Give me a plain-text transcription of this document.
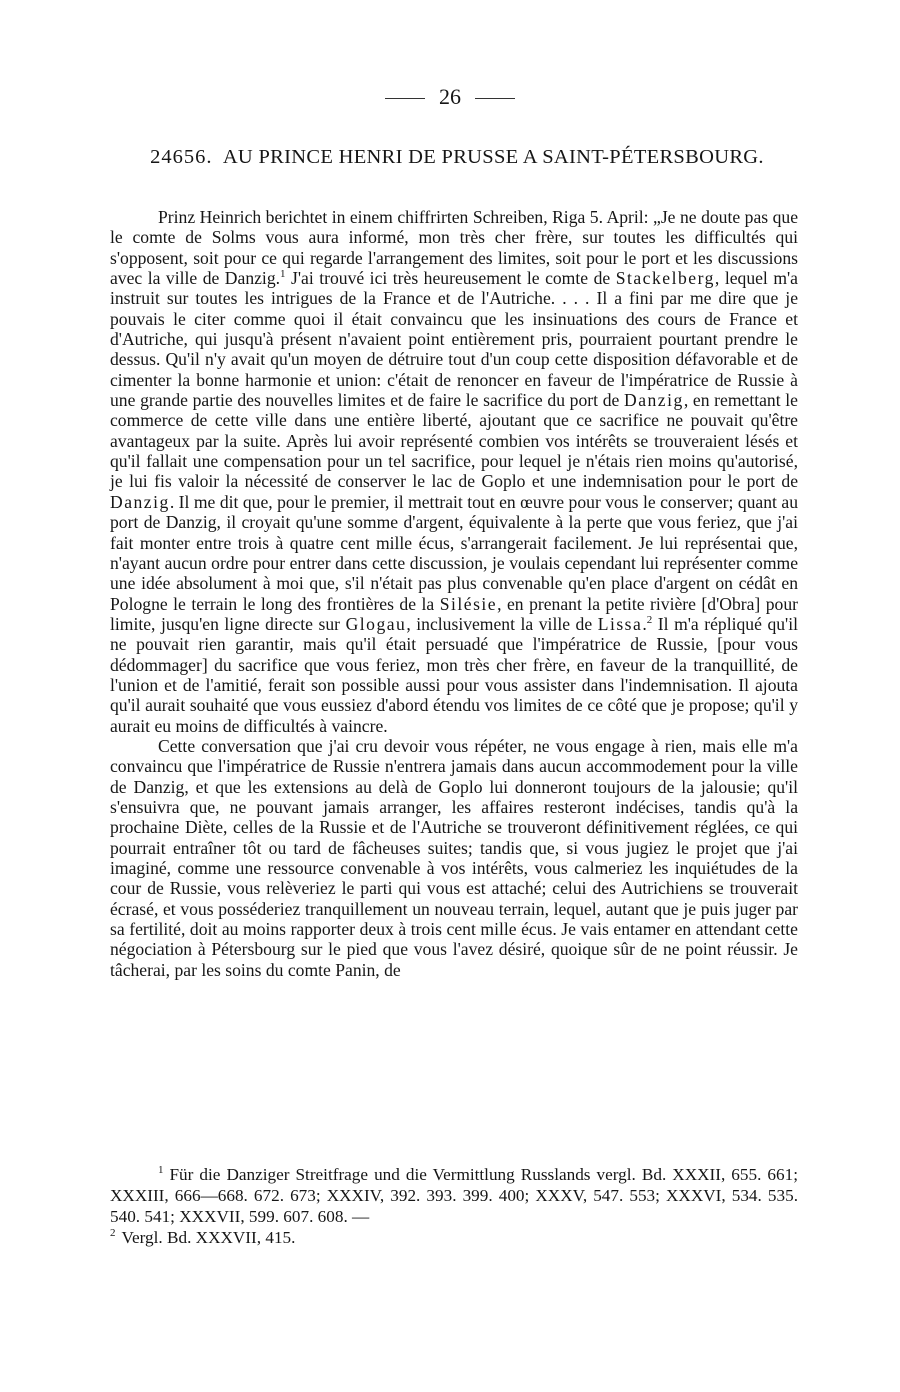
26
24656. AU PRINCE HENRI DE PRUSSE A SAINT-PÉTERSBOURG.

Prinz Heinrich berichtet in einem chiffrirten Schreiben, Riga 5. April: „Je ne doute pas que le comte de Solms vous aura informé, mon très cher frère, sur toutes les difficultés qui s'opposent, soit pour ce qui regarde l'arrangement des limites, soit pour le port et les discussions avec la ville de Danzig.$^1$ J'ai trouvé ici très heureusement le comte de Stackelberg, lequel m'a instruit sur toutes les intrigues de la France et de l'Autriche. . . . Il a fini par me dire que je pouvais le citer comme quoi il était convaincu que les insinuations des cours de France et d'Autriche, qui jusqu'à présent n'avaient point entièrement pris, pourraient pourtant prendre le dessus. Qu'il n'y avait qu'un moyen de détruire tout d'un coup cette disposition défavorable et de cimenter la bonne harmonie et union: c'était de renoncer en faveur de l'impératrice de Russie à une grande partie des nouvelles limites et de faire le sacrifice du port de Danzig, en remettant le commerce de cette ville dans une entière liberté, ajoutant que ce sacrifice ne pouvait qu'être avantageux par la suite. Après lui avoir représenté combien vos intérêts se trouveraient lésés et qu'il fallait une compensation pour un tel sacrifice, pour lequel je n'étais rien moins qu'autorisé, je lui fis valoir la nécessité de conserver le lac de Goplo et une indemnisation pour le port de Danzig. Il me dit que, pour le premier, il mettrait tout en œuvre pour vous le conserver; quant au port de Danzig, il croyait qu'une somme d'argent, équivalente à la perte que vous feriez, que j'ai fait monter entre trois à quatre cent mille écus, s'arrangerait facilement. Je lui représentai que, n'ayant aucun ordre pour entrer dans cette discussion, je voulais cependant lui représenter comme une idée absolument à moi que, s'il n'était pas plus convenable qu'en place d'argent on cédât en Pologne le terrain le long des frontières de la Silésie, en prenant la petite rivière [d'Obra] pour limite, jusqu'en ligne directe sur Glogau, inclusivement la ville de Lissa.$^2$ Il m'a répliqué qu'il ne pouvait rien garantir, mais qu'il était persuadé que l'impératrice de Russie, [pour vous dédommager] du sacrifice que vous feriez, mon très cher frère, en faveur de la tranquillité, de l'union et de l'amitié, ferait son possible aussi pour vous assister dans l'indemnisation. Il ajouta qu'il aurait souhaité que vous eussiez d'abord étendu vos limites de ce côté que je propose; qu'il y aurait eu moins de difficultés à vaincre.

Cette conversation que j'ai cru devoir vous répéter, ne vous engage à rien, mais elle m'a convaincu que l'impératrice de Russie n'entrera jamais dans aucun accommodement pour la ville de Danzig, et que les extensions au delà de Goplo lui donneront toujours de la jalousie; qu'il s'ensuivra que, ne pouvant jamais arranger, les affaires resteront indécises, tandis qu'à la prochaine Diète, celles de la Russie et de l'Autriche se trouveront définitivement réglées, ce qui pourrait entraîner tôt ou tard de fâcheuses suites; tandis que, si vous jugiez le projet que j'ai imaginé, comme une ressource convenable à vos intérêts, vous calmeriez les inquiétudes de la cour de Russie, vous relèveriez le parti qui vous est attaché; celui des Autrichiens se trouverait écrasé, et vous posséderiez tranquillement un nouveau terrain, lequel, autant que je puis juger par sa fertilité, doit au moins rapporter deux à trois cent mille écus. Je vais entamer en attendant cette négociation à Pétersbourg sur le pied que vous l'avez désiré, quoique sûr de ne point réussir. Je tâcherai, par les soins du comte Panin, de

$^1$ Für die Danziger Streitfrage und die Vermittlung Russlands vergl. Bd. XXXII, 655. 661; XXXIII, 666—668. 672. 673; XXXIV, 392. 393. 399. 400; XXXV, 547. 553; XXXVI, 534. 535. 540. 541; XXXVII, 599. 607. 608. —

$^2$ Vergl. Bd. XXXVII, 415.
